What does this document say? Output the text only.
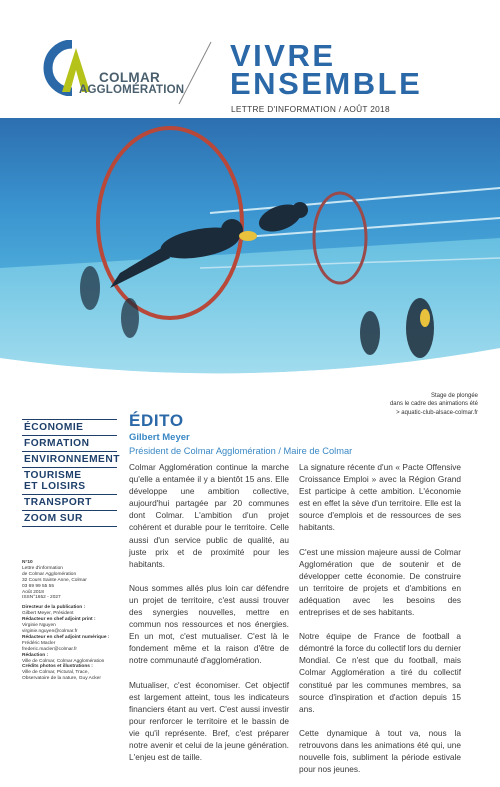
COLMAR
AGGLOMÉRATION
VIVRE
ENSEMBLE
LETTRE D'INFORMATION / AOÛT 2018
Stage de plongée
dans le cadre des animations été
> aquatic-club-alsace-colmar.fr
ÉCONOMIE
FORMATION
ENVIRONNEMENT
TOURISME
ET LOISIRS
TRANSPORT
ZOOM SUR
N°10
Lettre d'information
de Colmar Agglomération
32 Cours Sainte Anne, Colmar
03 69 99 55 55
Août 2018
ISSN°1652 - 2027
Directeur de la publication :
Gilbert Meyer, Président
Rédacteur en chef adjoint print :
Virginie Nguyen
virginie.nguyen@colmar.fr
Rédacteur en chef adjoint numérique :
Frédéric Macler
frederic.macler@colmar.fr
Rédaction :
Ville de Colmar, Colmar Agglomération
Crédits photos et illustrations :
Ville de Colmar, Pictural, Trace,
Observatoire de la nature, Guy Acker
ÉDITO
Gilbert Meyer
Président de Colmar Agglomération / Maire de Colmar

Colmar Agglomération continue la marche qu'elle a entamée il y a bientôt 15 ans. Elle développe une ambition collective, aujourd'hui partagée par 20 communes dont Colmar. L'ambition d'un projet cohérent et durable pour le territoire. Celle aussi d'un service public de qualité, au juste prix et de proximité pour les habitants.

Nous sommes allés plus loin car défendre un projet de territoire, c'est aussi trouver des synergies nouvelles, mettre en commun nos ressources et nos énergies. En un mot, c'est mutualiser. C'est là le fondement même et la raison d'être de notre communauté d'agglomération.

Mutualiser, c'est économiser. Cet objectif est largement atteint, tous les indicateurs financiers étant au vert. C'est aussi investir pour renforcer le territoire et le bassin de vie qu'il représente. Bref, c'est préparer notre avenir et celui de la jeune génération. L'enjeu est de taille.

La signature récente d'un « Pacte Offensive Croissance Emploi » avec la Région Grand Est participe à cette ambition. L'économie est en effet la sève d'un territoire. Elle est la source d'emplois et de ressources de ses habitants.

C'est une mission majeure aussi de Colmar Agglomération que de soutenir et de développer cette économie. De construire un territoire de projets et d'ambitions en adéquation avec les besoins des entreprises et de ses habitants.

Notre équipe de France de football a démontré la force du collectif lors du dernier Mondial. Ce n'est que du football, mais Colmar Agglomération a tiré du collectif constitué par les communes membres, sa source d'inspiration et d'action depuis 15 ans.

Cette dynamique à tout va, nous la retrouvons dans les animations été qui, une nouvelle fois, subliment la période estivale pour nos jeunes.
